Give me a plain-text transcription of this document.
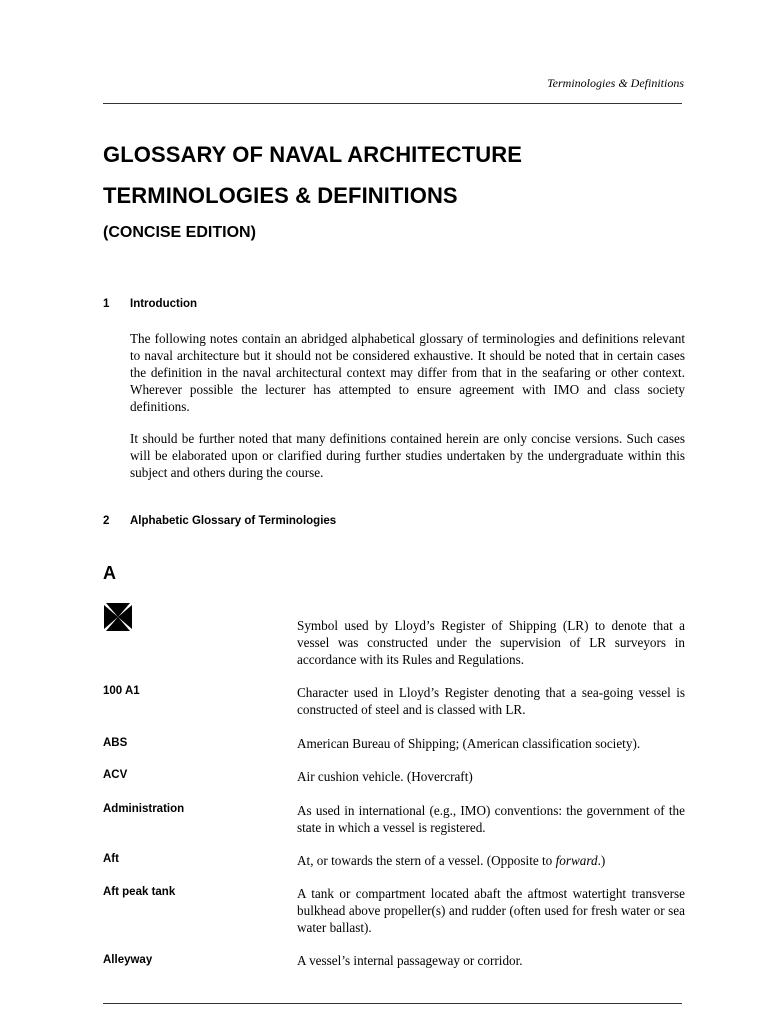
Terminologies & Definitions
GLOSSARY OF NAVAL ARCHITECTURE
TERMINOLOGIES & DEFINITIONS
(CONCISE EDITION)
1 Introduction

The following notes contain an abridged alphabetical glossary of terminologies and definitions relevant to naval architecture but it should not be considered exhaustive. It should be noted that in certain cases the definition in the naval architectural context may differ from that in the seafaring or other context. Wherever possible the lecturer has attempted to ensure agreement with IMO and class society definitions.

It should be further noted that many definitions contained herein are only concise versions. Such cases will be elaborated upon or clarified during further studies undertaken by the undergraduate within this subject and others during the course.

2 Alphabetic Glossary of Terminologies
A

Symbol used by Lloyd’s Register of Shipping (LR) to denote that a vessel was constructed under the supervision of LR surveyors in accordance with its Rules and Regulations.

100 A1	Character used in Lloyd’s Register denoting that a sea-going vessel is constructed of steel and is classed with LR.

ABS	American Bureau of Shipping; (American classification society).

ACV	Air cushion vehicle. (Hovercraft)

Administration	As used in international (e.g., IMO) conventions: the government of the state in which a vessel is registered.

Aft	At, or towards the stern of a vessel. (Opposite to forward.)

Aft peak tank	A tank or compartment located abaft the aftmost watertight transverse bulkhead above propeller(s) and rudder (often used for fresh water or sea water ballast).

Alleyway	A vessel’s internal passageway or corridor.
